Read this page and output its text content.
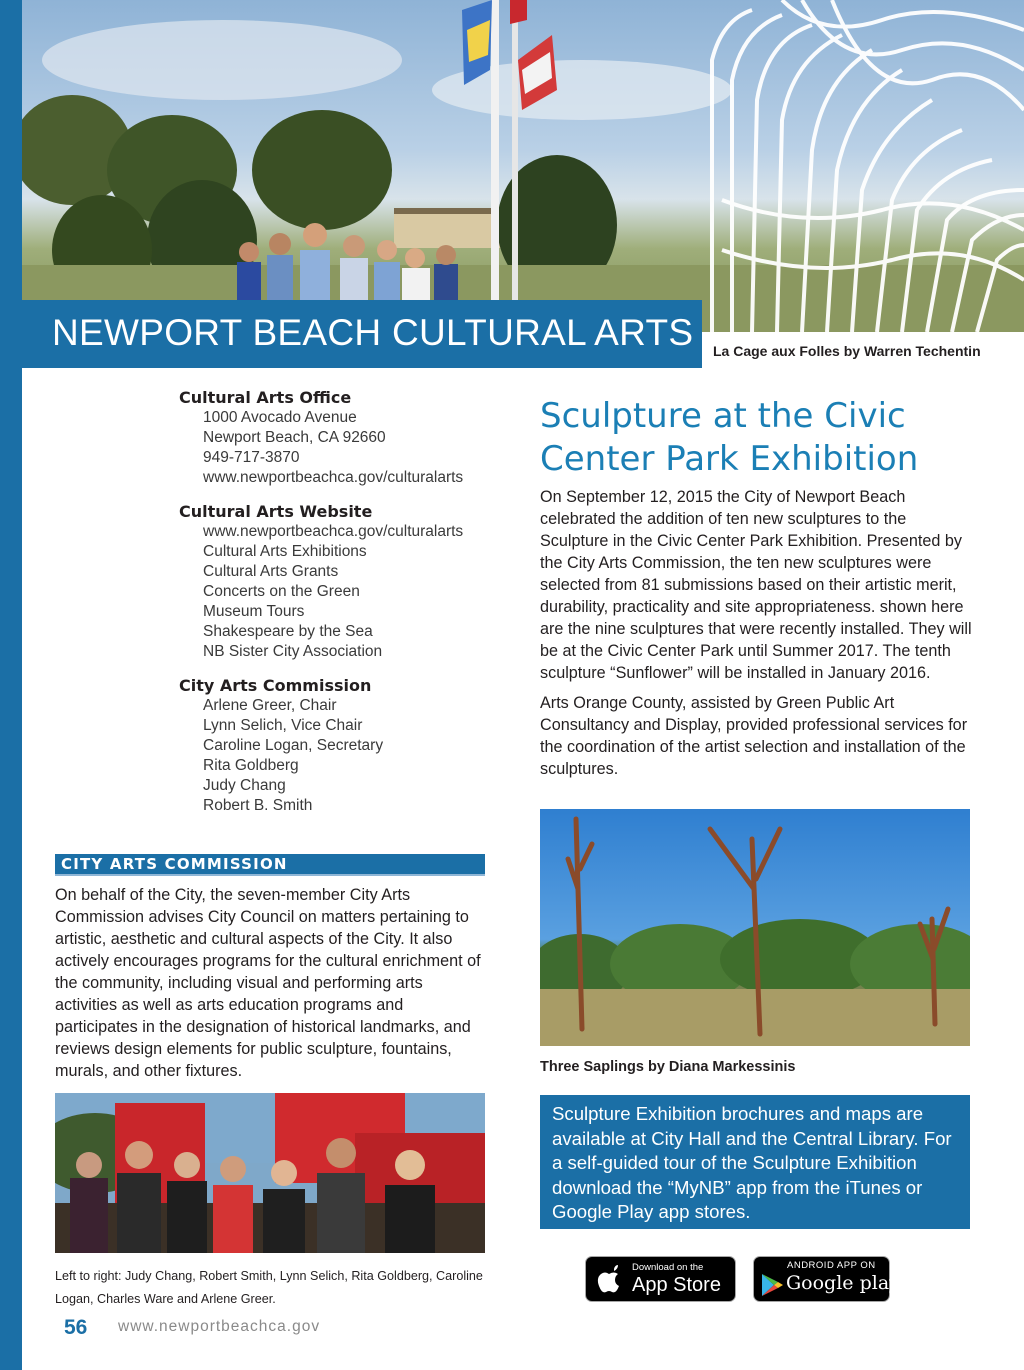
NEWPORT BEACH CULTURAL ARTS La Cage aux Folles by Warren Techentin
Cultural Arts Office
1000 Avocado Avenue
Newport Beach, CA 92660
949-717-3870
www.newportbeachca.gov/culturalarts
Cultural Arts Website
www.newportbeachca.gov/culturalarts
Cultural Arts Exhibitions
Cultural Arts Grants
Concerts on the Green
Museum Tours
Shakespeare by the Sea
NB Sister City Association
City Arts Commission
Arlene Greer, Chair
Lynn Selich, Vice Chair
Caroline Logan, Secretary
Rita Goldberg
Judy Chang
Robert B. Smith
CITY ARTS COMMISSION
On behalf of the City, the seven-member City Arts Commission advises City Council on matters pertaining to artistic, aesthetic and cultural aspects of the City. It also actively encourages programs for the cultural enrichment of the community, including visual and performing arts activities as well as arts education programs and participates in the designation of historical landmarks, and reviews design elements for public sculpture, fountains, murals, and other fixtures.
Left to right: Judy Chang, Robert Smith, Lynn Selich, Rita Goldberg, Caroline Logan, Charles Ware and Arlene Greer.
56 www.newportbeachca.gov
Sculpture at the Civic Center Park Exhibition

On September 12, 2015 the City of Newport Beach celebrated the addition of ten new sculptures to the Sculpture in the Civic Center Park Exhibition. Presented by the City Arts Commission, the ten new sculptures were selected from 81 submissions based on their artistic merit, durability, practicality and site appropriateness. shown here are the nine sculptures that were recently installed. They will be at the Civic Center Park until Summer 2017. The tenth sculpture “Sunflower” will be installed in January 2016.

Arts Orange County, assisted by Green Public Art Consultancy and Display, provided professional services for the coordination of the artist selection and installation of the sculptures.

Three Saplings by Diana Markessinis
Sculpture Exhibition brochures and maps are available at City Hall and the Central Library. For a self-guided tour of the Sculpture Exhibition download the “MyNB” app from the iTunes or Google Play app stores.
Download on the
App Store
ANDROID APP ON
Google play
